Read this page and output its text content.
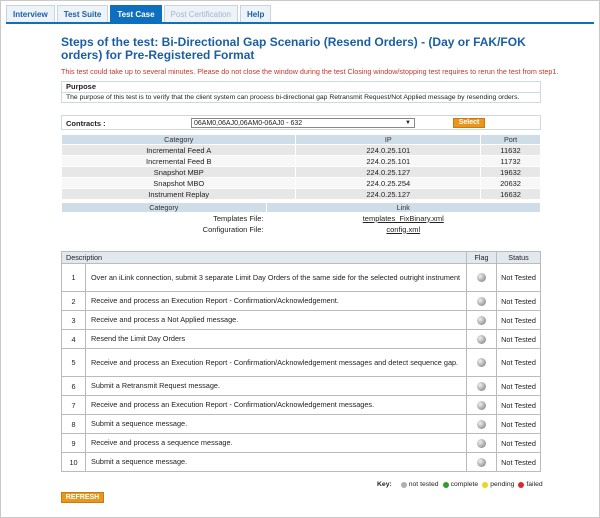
Interview	Test Suite	Test Case	Post Certification	Help
Steps of the test: Bi-Directional Gap Scenario (Resend Orders) - (Day or FAK/FOK orders) for Pre-Registered Format
This test could take up to several minutes. Please do not close the window during the test Closing window/stopping test requires to rerun the test from step1.
Purpose
The purpose of this test is to verify that the client system can process bi-directional gap Retransmit Request/Not Applied message by resending orders.
Contracts :	06AM0,06AJ0,06AM0-06AJ0 - 632	▼	Select
Category	IP	Port
Incremental Feed A	224.0.25.101	11632
Incremental Feed B	224.0.25.101	11732
Snapshot MBP	224.0.25.127	19632
Snapshot MBO	224.0.25.254	20632
Instrument Replay	224.0.25.127	16632
Category	Link
Templates File:	templates_FixBinary.xml
Configuration File:	config.xml
Description		Flag	Status
1	Over an iLink connection, submit 3 separate Limit Day Orders of the same side for the selected outright instrument		Not Tested
2	Receive and process an Execution Report - Confirmation/Acknowledgement.		Not Tested
3	Receive and process a Not Applied message.		Not Tested
4	Resend the Limit Day Orders		Not Tested
5	Receive and process an Execution Report - Confirmation/Acknowledgement messages and detect sequence gap.		Not Tested
6	Submit a Retransmit Request message.		Not Tested
7	Receive and process an Execution Report - Confirmation/Acknowledgement messages.		Not Tested
8	Submit a sequence message.		Not Tested
9	Receive and process a sequence message.		Not Tested
10	Submit a sequence message.		Not Tested
Key:	not tested complete pending failed
REFRESH
